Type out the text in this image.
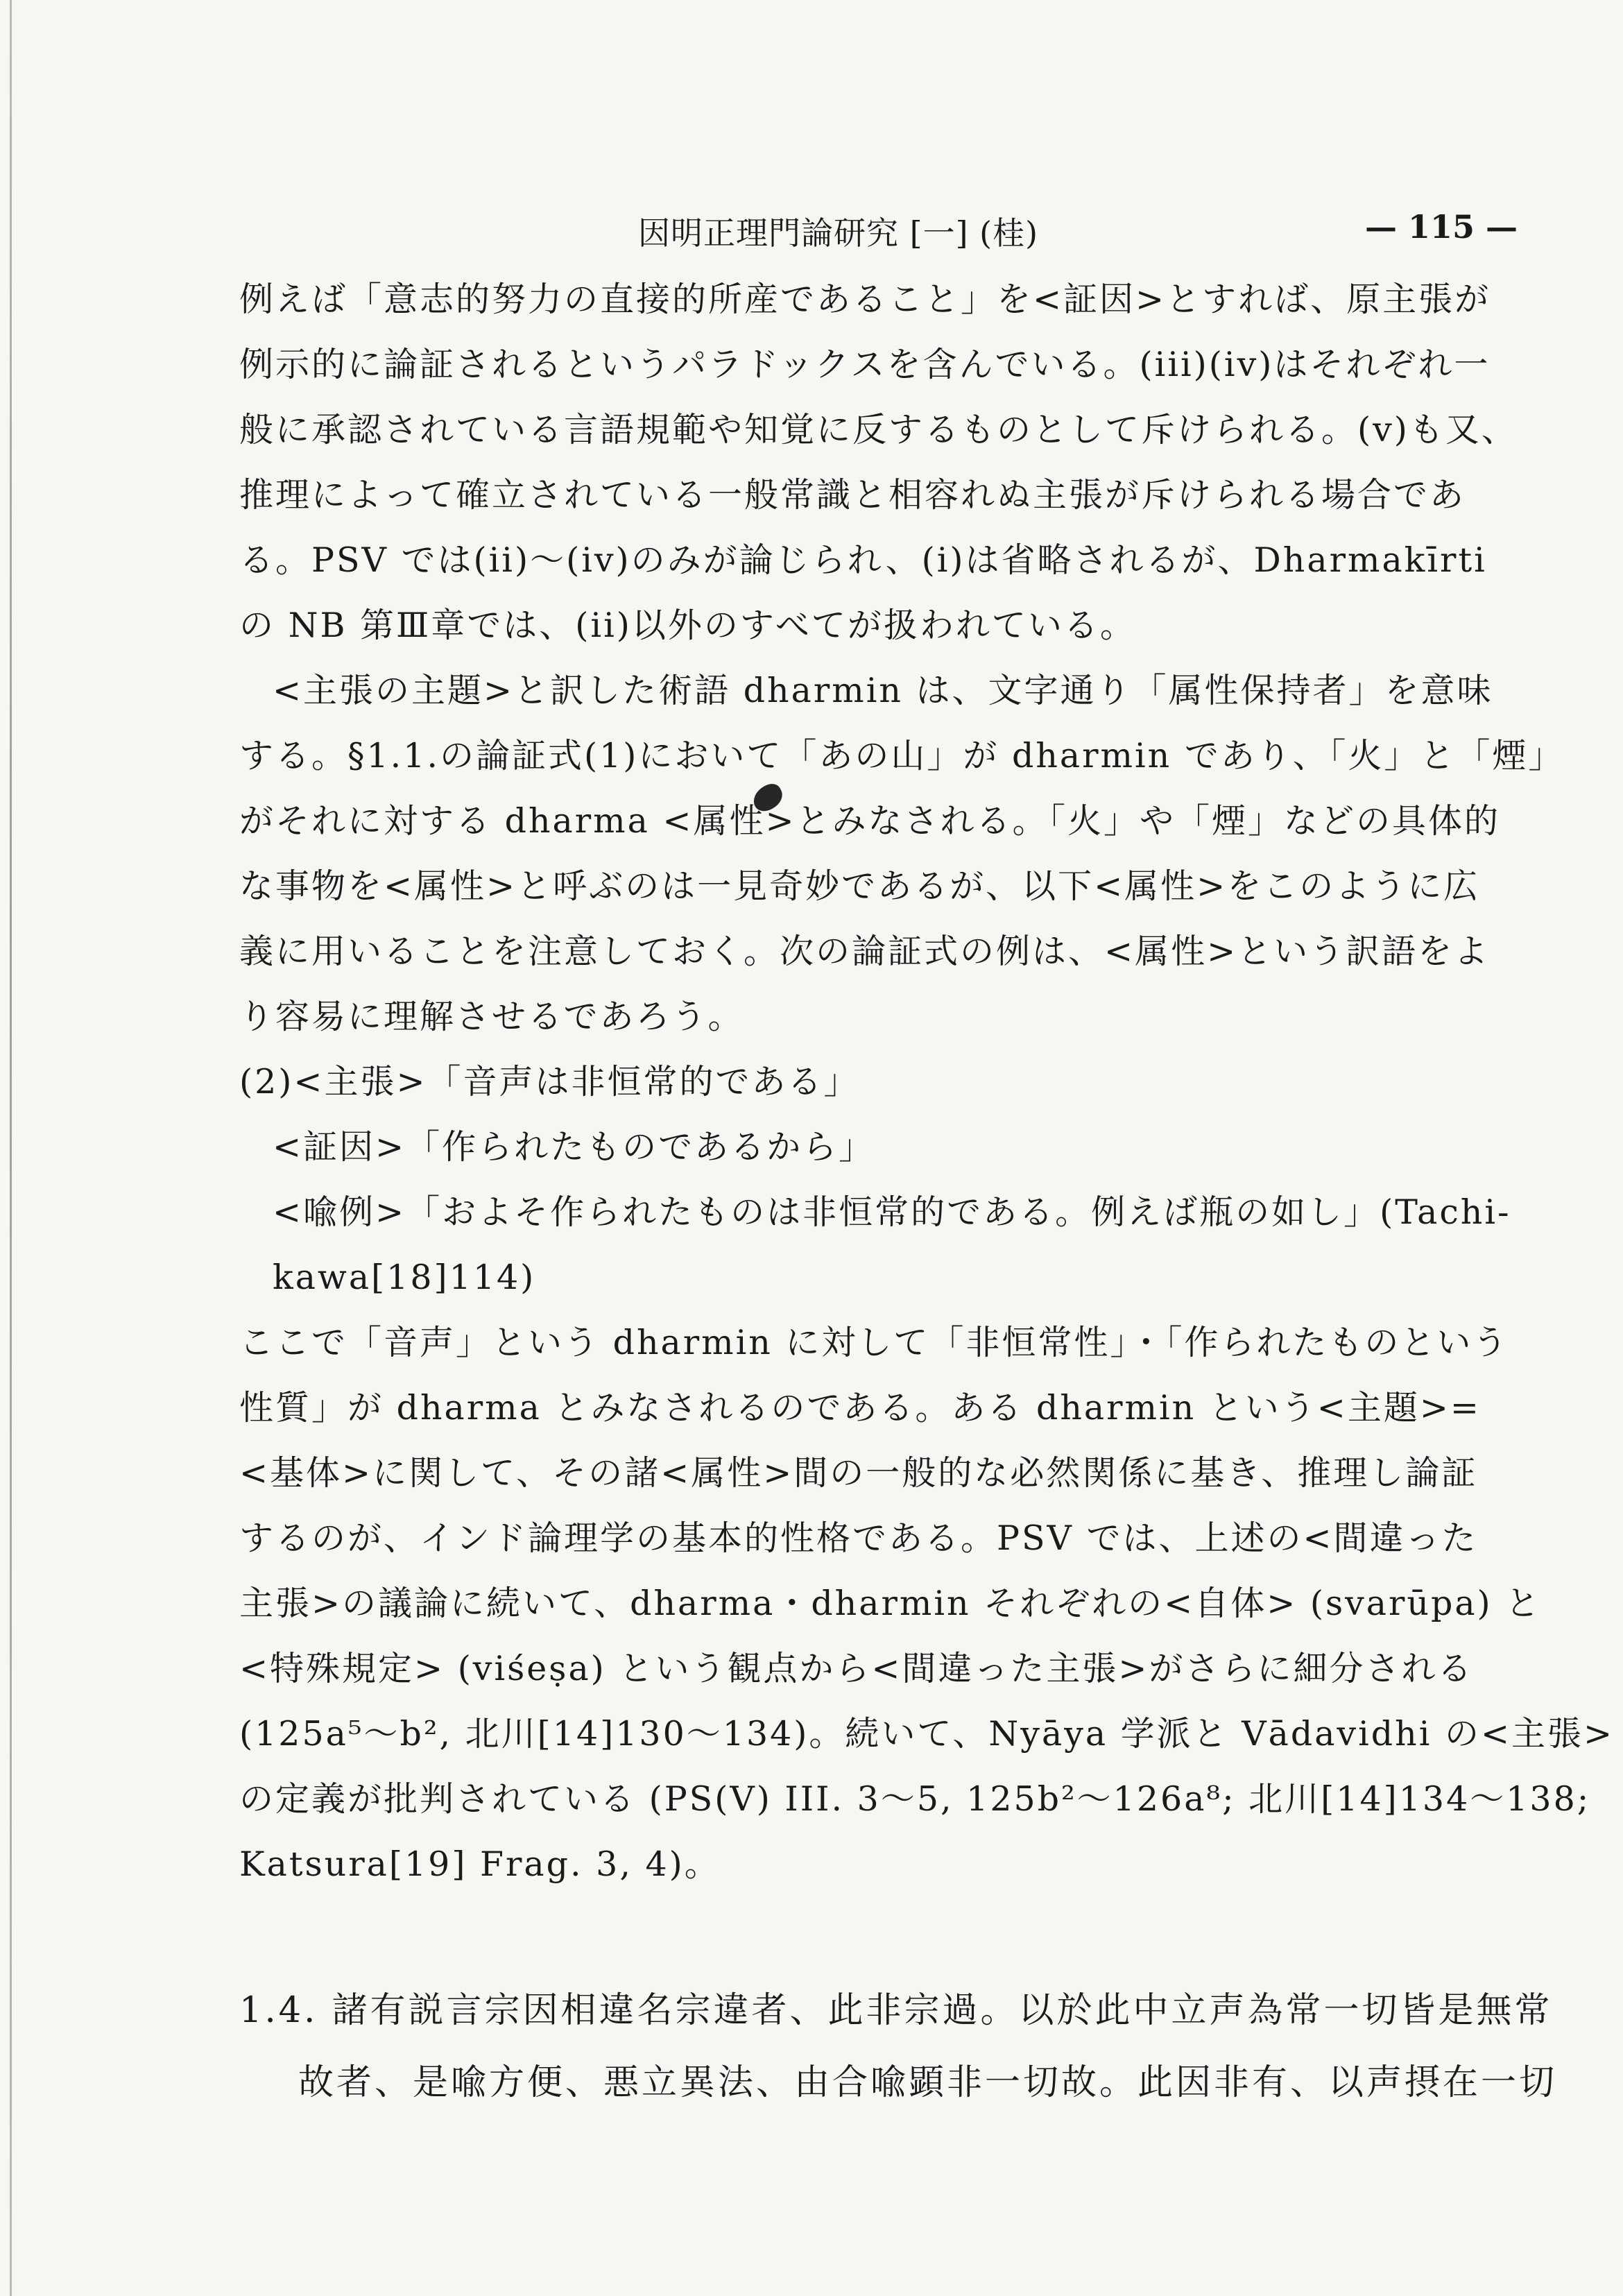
因明正理門論研究 [一] (桂)	— 115 —
例えば「意志的努力の直接的所産であること」を<証因>とすれば、原主張が
例示的に論証されるというパラドックスを含んでいる。(iii)(iv)はそれぞれ一
般に承認されている言語規範や知覚に反するものとして斥けられる。(v)も又、
推理によって確立されている一般常識と相容れぬ主張が斥けられる場合であ
る。PSV では(ii)〜(iv)のみが論じられ、(i)は省略されるが、Dharmakīrti
の NB 第Ⅲ章では、(ii)以外のすべてが扱われている。
<主張の主題>と訳した術語 dharmin は、文字通り「属性保持者」を意味
する。§1.1.の論証式(1)において「あの山」が dharmin であり、「火」と「煙」
がそれに対する dharma <属性>とみなされる。「火」や「煙」などの具体的
な事物を<属性>と呼ぶのは一見奇妙であるが、以下<属性>をこのように広
義に用いることを注意しておく。次の論証式の例は、<属性>という訳語をよ
り容易に理解させるであろう。
(2)<主張>「音声は非恒常的である」
<証因>「作られたものであるから」
<喩例>「およそ作られたものは非恒常的である。例えば瓶の如し」(Tachi-
kawa[18]114)
ここで「音声」という dharmin に対して「非恒常性」・「作られたものという
性質」が dharma とみなされるのである。ある dharmin という<主題>=
<基体>に関して、その諸<属性>間の一般的な必然関係に基き、推理し論証
するのが、インド論理学の基本的性格である。PSV では、上述の<間違った
主張>の議論に続いて、dharma・dharmin それぞれの<自体> (svarūpa) と
<特殊規定> (viśeṣa) という観点から<間違った主張>がさらに細分される
(125a⁵〜b², 北川[14]130〜134)。続いて、Nyāya 学派と Vādavidhi の<主張>
の定義が批判されている (PS(V) III. 3〜5, 125b²〜126a⁸; 北川[14]134〜138;
Katsura[19] Frag. 3, 4)。
1.4. 諸有説言宗因相違名宗違者、此非宗過。以於此中立声為常一切皆是無常
故者、是喩方便、悪立異法、由合喩顕非一切故。此因非有、以声摂在一切
